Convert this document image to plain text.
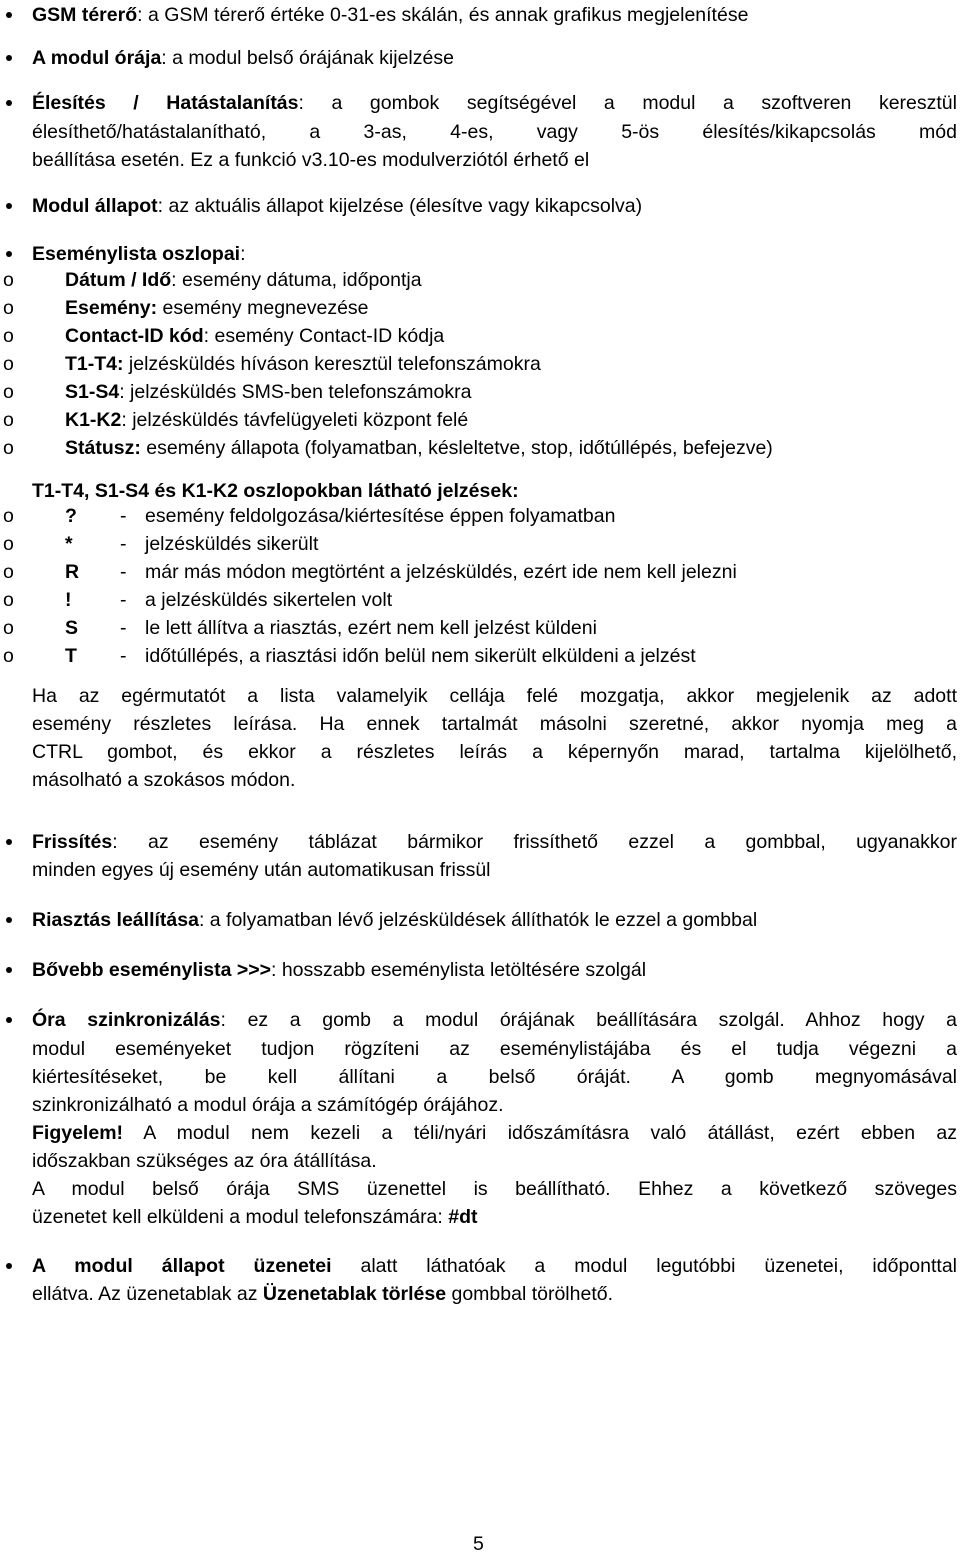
GSM térerő: a GSM térerő értéke 0-31-es skálán, és annak grafikus megjelenítése
A modul órája: a modul belső órájának kijelzése
Élesítés / Hatástalanítás: a gombok segítségével a modul a szoftveren keresztül
élesíthető/hatástalanítható, a 3-as, 4-es, vagy 5-ös élesítés/kikapcsolás mód
beállítása esetén. Ez a funkció v3.10-es modulverziótól érhető el
Modul állapot: az aktuális állapot kijelzése (élesítve vagy kikapcsolva)
Eseménylista oszlopai:
o	Dátum / Idő: esemény dátuma, időpontja
o	Esemény: esemény megnevezése
o	Contact-ID kód: esemény Contact-ID kódja
o	T1-T4: jelzésküldés híváson keresztül telefonszámokra
o	S1-S4: jelzésküldés SMS-ben telefonszámokra
o	K1-K2: jelzésküldés távfelügyeleti központ felé
o	Státusz: esemény állapota (folyamatban, késleltetve, stop, időtúllépés, befejezve)
T1-T4, S1-S4 és K1-K2 oszlopokban látható jelzések:
o	? - esemény feldolgozása/kiértesítése éppen folyamatban
o	* - jelzésküldés sikerült
o	R - már más módon megtörtént a jelzésküldés, ezért ide nem kell jelezni
o	! - a jelzésküldés sikertelen volt
o	S - le lett állítva a riasztás, ezért nem kell jelzést küldeni
o	T - időtúllépés, a riasztási időn belül nem sikerült elküldeni a jelzést
Ha az egérmutatót a lista valamelyik cellája felé mozgatja, akkor megjelenik az adott
esemény részletes leírása. Ha ennek tartalmát másolni szeretné, akkor nyomja meg a
CTRL gombot, és ekkor a részletes leírás a képernyőn marad, tartalma kijelölhető,
másolható a szokásos módon.
Frissítés: az esemény táblázat bármikor frissíthető ezzel a gombbal, ugyanakkor
minden egyes új esemény után automatikusan frissül
Riasztás leállítása: a folyamatban lévő jelzésküldések állíthatók le ezzel a gombbal
Bővebb eseménylista >>>: hosszabb eseménylista letöltésére szolgál
Óra szinkronizálás: ez a gomb a modul órájának beállítására szolgál. Ahhoz hogy a
modul eseményeket tudjon rögzíteni az eseménylistájába és el tudja végezni a
kiértesítéseket, be kell állítani a belső óráját. A gomb megnyomásával
szinkronizálható a modul órája a számítógép órájához.
Figyelem! A modul nem kezeli a téli/nyári időszámításra való átállást, ezért ebben az
időszakban szükséges az óra átállítása.
A modul belső órája SMS üzenettel is beállítható. Ehhez a következő szöveges
üzenetet kell elküldeni a modul telefonszámára: #dt
A modul állapot üzenetei alatt láthatóak a modul legutóbbi üzenetei, időponttal
ellátva. Az üzenetablak az Üzenetablak törlése gombbal törölhető.
5
